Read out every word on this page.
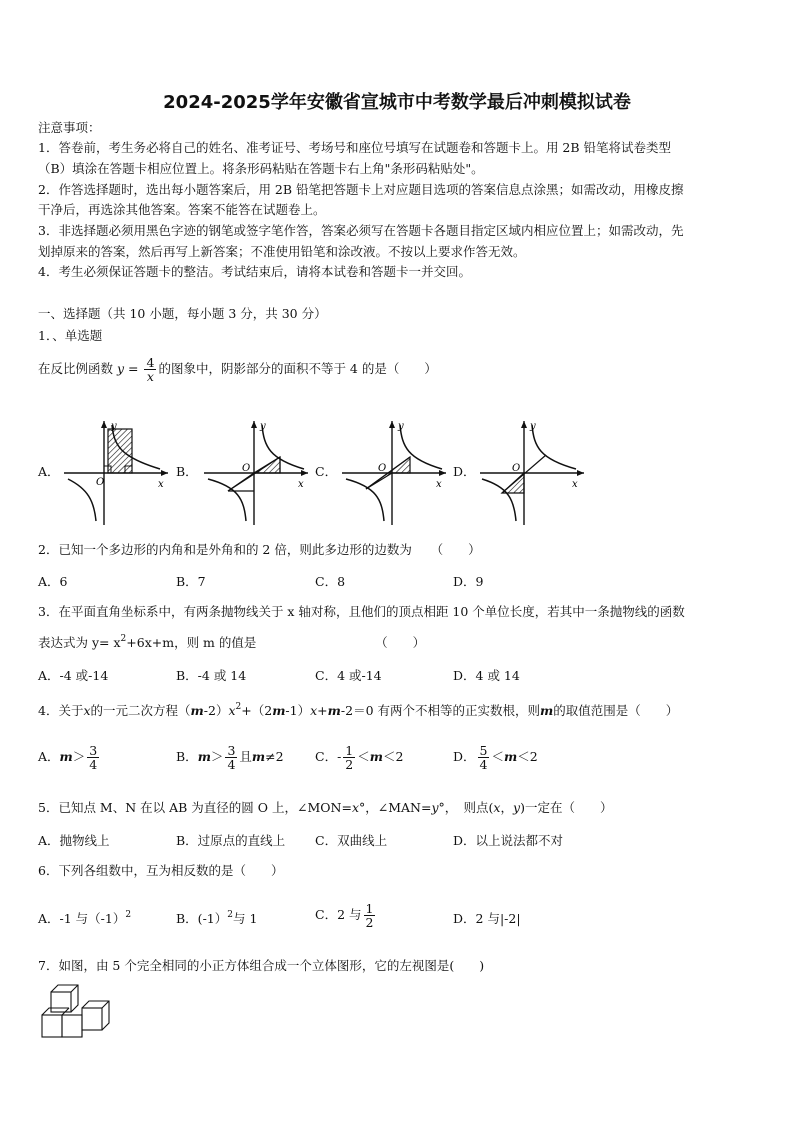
2024-2025学年安徽省宣城市中考数学最后冲刺模拟试卷
注意事项：
1．答卷前，考生务必将自己的姓名、准考证号、考场号和座位号填写在试题卷和答题卡上。用 2B 铅笔将试卷类型
（B）填涂在答题卡相应位置上。将条形码粘贴在答题卡右上角"条形码粘贴处"。
2．作答选择题时，选出每小题答案后，用 2B 铅笔把答题卡上对应题目选项的答案信息点涂黑；如需改动，用橡皮擦
干净后，再选涂其他答案。答案不能答在试题卷上。
3．非选择题必须用黑色字迹的钢笔或签字笔作答，答案必须写在答题卡各题目指定区域内相应位置上；如需改动，先
划掉原来的答案，然后再写上新答案；不准使用铅笔和涂改液。不按以上要求作答无效。
4．考生必须保证答题卡的整洁。考试结束后，请将本试卷和答题卡一并交回。
一、选择题（共 10 小题，每小题 3 分，共 30 分）
1．、单选题
在反比例函数 $y = \frac{4}{x}$ 的图象中，阴影部分的面积不等于 4 的是（　　）
A．	B．	C．	D．
y
x
O
y
x
O
y
x
O
y
x
O
2．已知一个多边形的内角和是外角和的 2 倍，则此多边形的边数为　　（　　）
A．6	B．7	C．8	D．9
3．在平面直角坐标系中，有两条抛物线关于 x 轴对称，且他们的顶点相距 10 个单位长度，若其中一条抛物线的函数
表达式为 $y= x^2+6x+m$，则 m 的值是　　　　　　　　　　（　　）
A．-4 或-14	B．-4 或 14	C．4 或-14	D．4 或 14
4．关于x的一元二次方程$(m-2)x^2+(2m-1)x+m-2=0$ 有两个不相等的正实数根，则m的取值范围是（　　）
A．$m> \frac{3}{4}$	B．$m> \frac{3}{4}$ 且m≠2	C．- $\frac{1}{2} <m<2$	D． $\frac{5}{4} <m<2$
5．已知点 M、N 在以 AB 为直径的圆 O 上，∠MON=x°，∠MAN=y°，　则点(x，y)一定在（　　）
A．抛物线上	B．过原点的直线上 C．双曲线上	D．以上说法都不对
6．下列各组数中，互为相反数的是（　　）
A．-1 与$(-1)^2$	B．(-1）$^2$与 1	C．2 与 $\frac{1}{2}$	D．2 与|-2|
7．如图，由 5 个完全相同的小正方体组合成一个立体图形，它的左视图是(　　)
